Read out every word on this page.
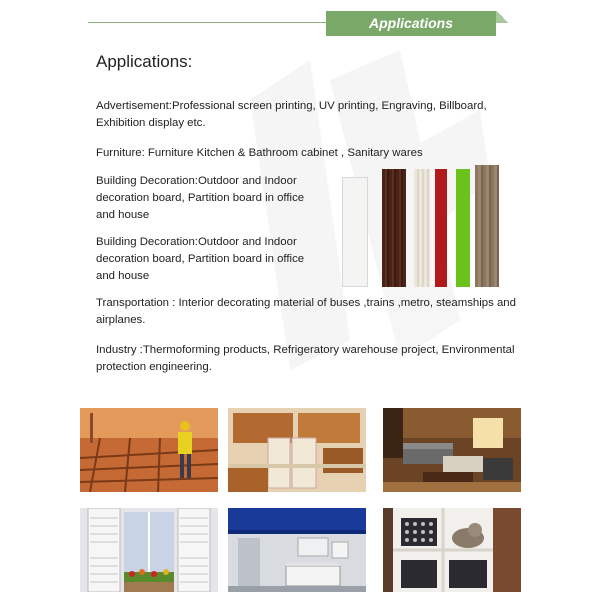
Applications
Applications:

Advertisement:Professional screen printing, UV printing, Engraving, Billboard, Exhibition display etc.

Furniture: Furniture Kitchen & Bathroom cabinet , Sanitary wares

Building Decoration:Outdoor and Indoor decoration board, Partition board in office and house

Building Decoration:Outdoor and Indoor decoration board, Partition board in office and house

Transportation : Interior decorating material of buses ,trains ,metro, steamships and airplanes.

Industry :Thermoforming products, Refrigeratory warehouse project, Environmental protection engineering.
